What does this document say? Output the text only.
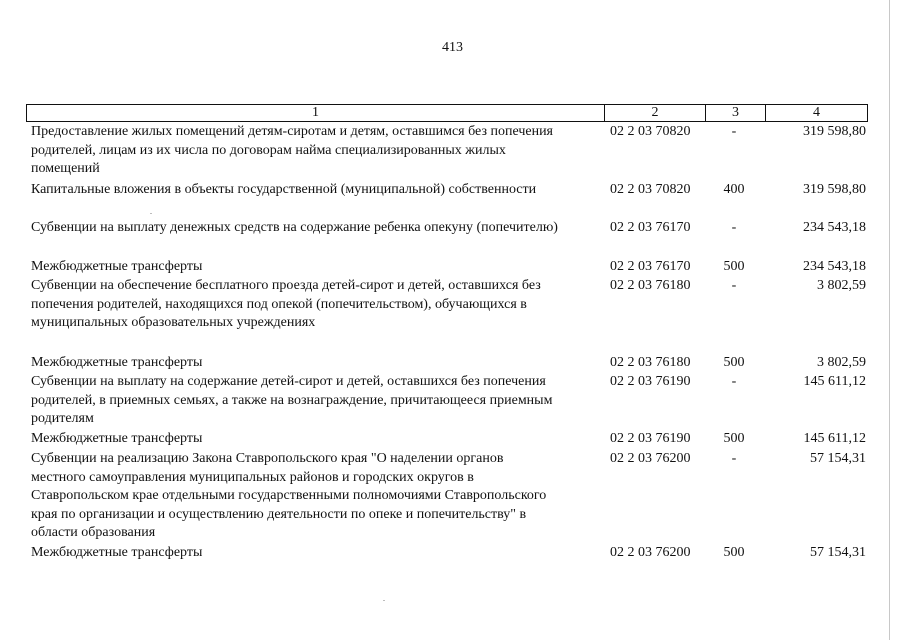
413
1	2	3	4
Предоставление жилых помещений детям-сиротам и детям, оставшимся без попечения
родителей, лицам из их числа по договорам найма специализированных жилых
помещений
02 2 03 70820	-	319 598,80
Капитальные вложения в объекты государственной (муниципальной) собственности	02 2 03 70820	400	319 598,80
Субвенции на выплату денежных средств на содержание ребенка опекуну (попечителю)	02 2 03 76170	-	234 543,18
Межбюджетные трансферты	02 2 03 76170	500	234 543,18
Субвенции на обеспечение бесплатного проезда детей-сирот и детей, оставшихся без
попечения родителей, находящихся под опекой (попечительством), обучающихся в
муниципальных образовательных учреждениях
02 2 03 76180	-	3 802,59
Межбюджетные трансферты	02 2 03 76180	500	3 802,59
Субвенции на выплату на содержание детей-сирот и детей, оставшихся без попечения
родителей, в приемных семьях, а также на вознаграждение, причитающееся приемным
родителям
02 2 03 76190	-	145 611,12
Межбюджетные трансферты	02 2 03 76190	500	145 611,12
Субвенции на реализацию Закона Ставропольского края "О наделении органов
местного самоуправления муниципальных районов и городских округов в
Ставропольском крае отдельными государственными полномочиями Ставропольского
края по организации и осуществлению деятельности по опеке и попечительству" в
области образования
02 2 03 76200	-	57 154,31
Межбюджетные трансферты	02 2 03 76200	500	57 154,31
